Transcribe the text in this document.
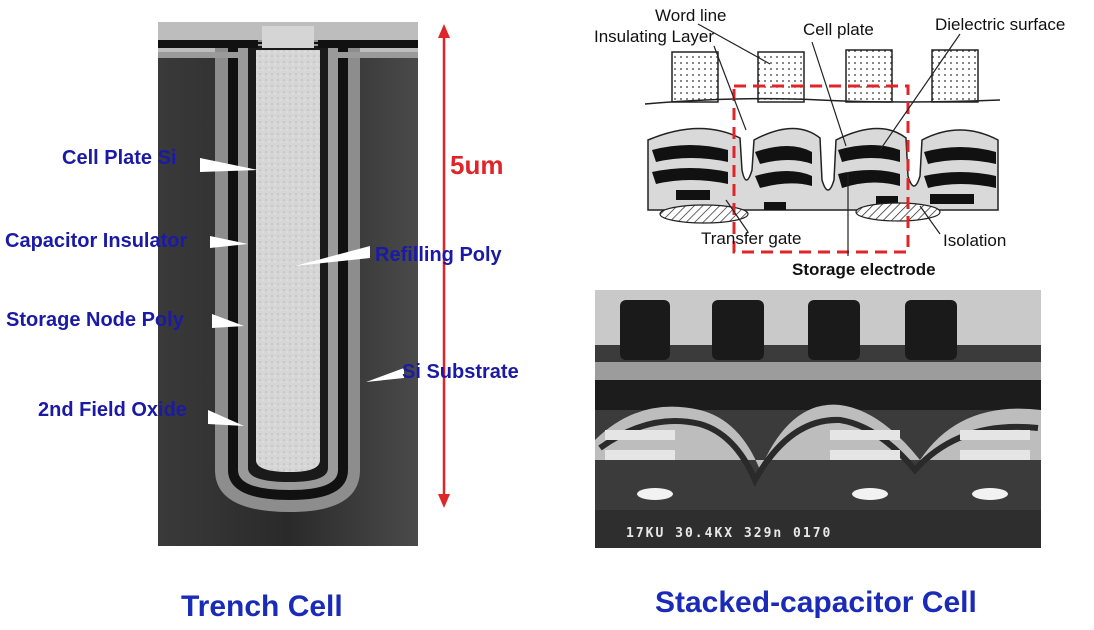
Cell Plate Si
Capacitor Insulator
Storage Node Poly
2nd Field Oxide
Refilling Poly
Si Substrate
5um
Trench Cell
Word line
Insulating Layer	Cell plate	Dielectric surface
Transfer gate	Isolation
Storage electrode
17KU 30.4KX 329n 0170
Stacked-capacitor Cell
